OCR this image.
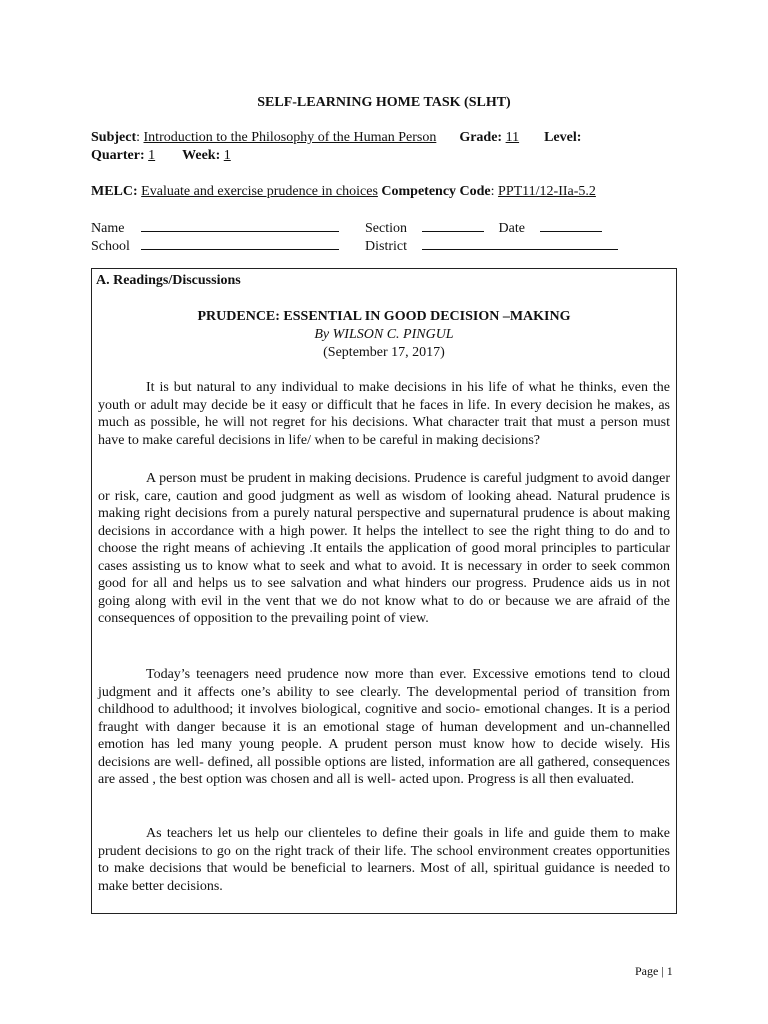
SELF-LEARNING HOME TASK (SLHT)
Subject: Introduction to the Philosophy of the Human Person Grade: 11 Level:
Quarter: 1 Week: 1
MELC: Evaluate and exercise prudence in choices Competency Code: PPT11/12-IIa-5.2
Name	Section	Date
School	District
A. Readings/Discussions
PRUDENCE: ESSENTIAL IN GOOD DECISION –MAKING
By WILSON C. PINGUL
(September 17, 2017)
It is but natural to any individual to make decisions in his life of what he thinks, even the youth or adult may decide be it easy or difficult that he faces in life. In every decision he makes, as much as possible, he will not regret for his decisions. What character trait that must a person must have to make careful decisions in life/ when to be careful in making decisions?
A person must be prudent in making decisions. Prudence is careful judgment to avoid danger or risk, care, caution and good judgment as well as wisdom of looking ahead. Natural prudence is making right decisions from a purely natural perspective and supernatural prudence is about making decisions in accordance with a high power. It helps the intellect to see the right thing to do and to choose the right means of achieving .It entails the application of good moral principles to particular cases assisting us to know what to seek and what to avoid. It is necessary in order to seek common good for all and helps us to see salvation and what hinders our progress. Prudence aids us in not going along with evil in the vent that we do not know what to do or because we are afraid of the consequences of opposition to the prevailing point of view.
Today’s teenagers need prudence now more than ever. Excessive emotions tend to cloud judgment and it affects one’s ability to see clearly. The developmental period of transition from childhood to adulthood; it involves biological, cognitive and socio- emotional changes. It is a period fraught with danger because it is an emotional stage of human development and un-channelled emotion has led many young people. A prudent person must know how to decide wisely. His decisions are well- defined, all possible options are listed, information are all gathered, consequences are assed , the best option was chosen and all is well- acted upon. Progress is all then evaluated.
As teachers let us help our clienteles to define their goals in life and guide them to make prudent decisions to go on the right track of their life. The school environment creates opportunities to make decisions that would be beneficial to learners. Most of all, spiritual guidance is needed to make better decisions.
Page | 1
